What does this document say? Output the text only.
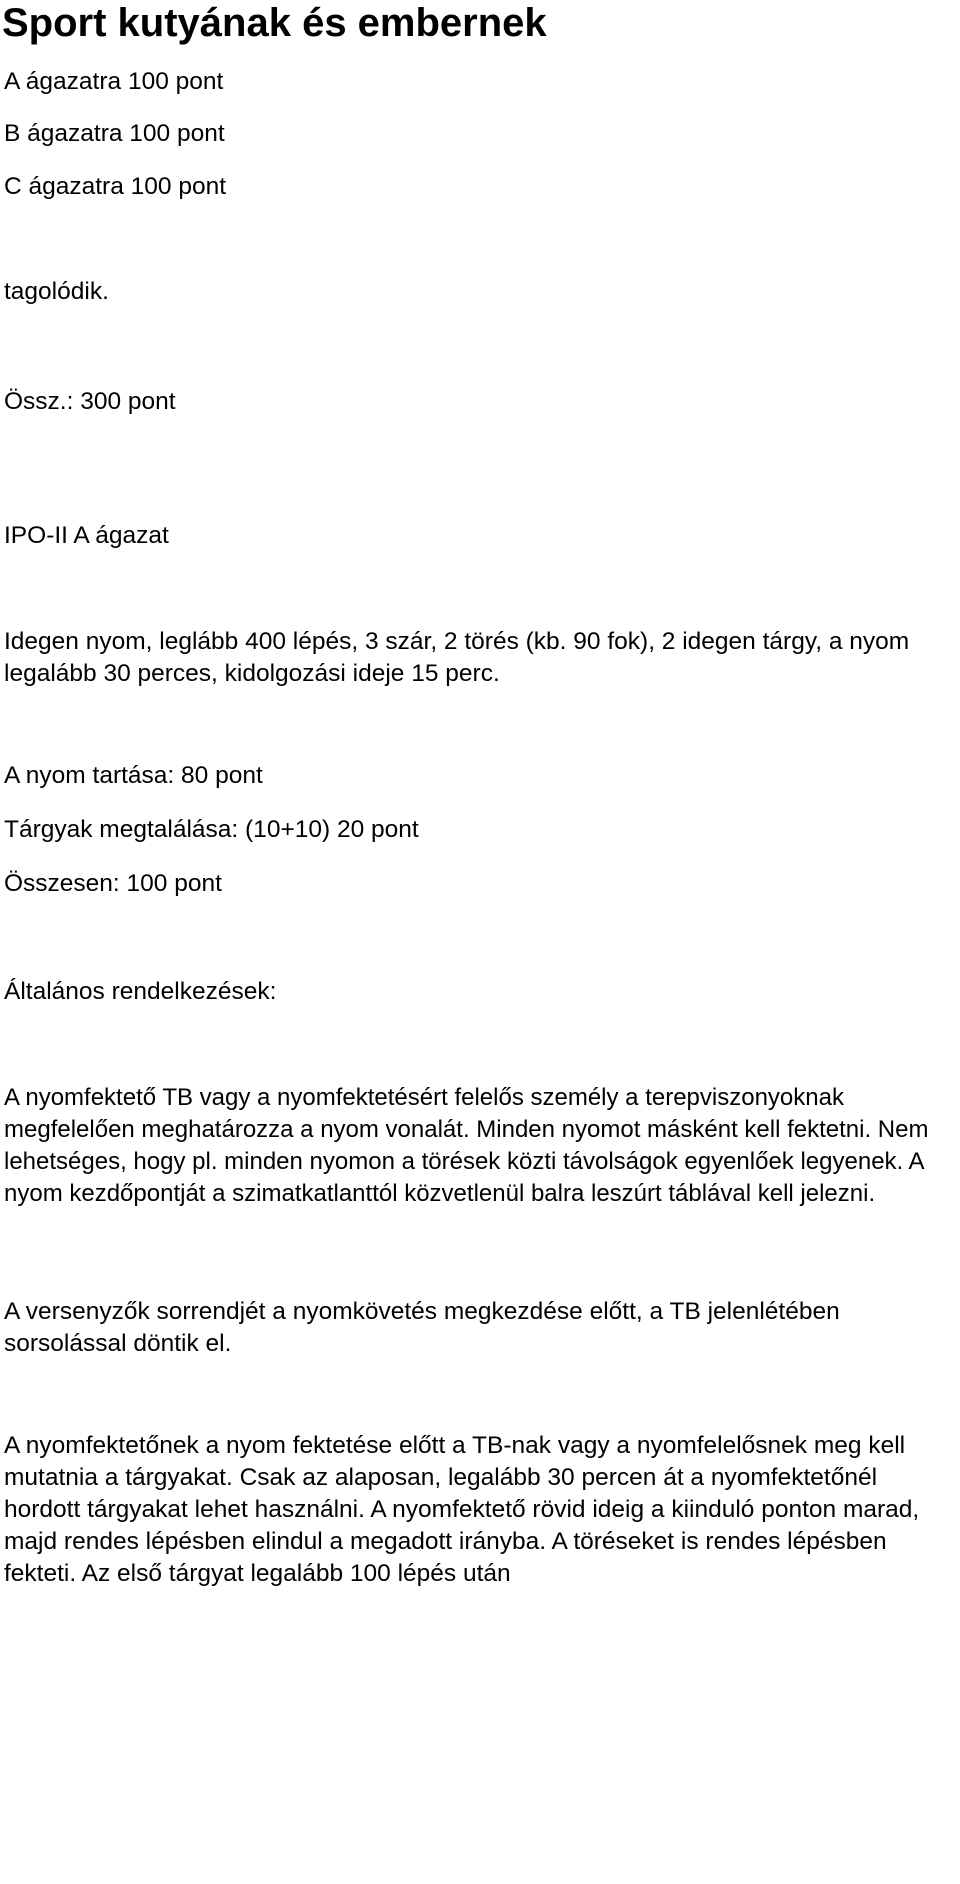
Sport kutyának és embernek

A ágazatra 100 pont

B ágazatra 100 pont

C ágazatra 100 pont

tagolódik.

Össz.: 300 pont

IPO-II A ágazat

Idegen nyom, leglább 400 lépés, 3 szár, 2 törés (kb. 90 fok), 2 idegen tárgy, a nyom legalább 30 perces, kidolgozási ideje 15 perc.

A nyom tartása: 80 pont

Tárgyak megtalálása: (10+10) 20 pont

Összesen: 100 pont

Általános rendelkezések:

A nyomfektető TB vagy a nyomfektetésért felelős személy a terepviszonyoknak megfelelően meghatározza a nyom vonalát. Minden nyomot másként kell fektetni. Nem lehetséges, hogy pl. minden nyomon a törések közti távolságok egyenlőek legyenek. A nyom kezdőpontját a szimatkatlanttól közvetlenül balra leszúrt táblával kell jelezni.

A versenyzők sorrendjét a nyomkövetés megkezdése előtt, a TB jelenlétében sorsolással döntik el.

A nyomfektetőnek a nyom fektetése előtt a TB-nak vagy a nyomfelelősnek meg kell mutatnia a tárgyakat. Csak az alaposan, legalább 30 percen át a nyomfektetőnél hordott tárgyakat lehet használni. A nyomfektető rövid ideig a kiinduló ponton marad, majd rendes lépésben elindul a megadott irányba. A töréseket is rendes lépésben fekteti. Az első tárgyat legalább 100 lépés után
